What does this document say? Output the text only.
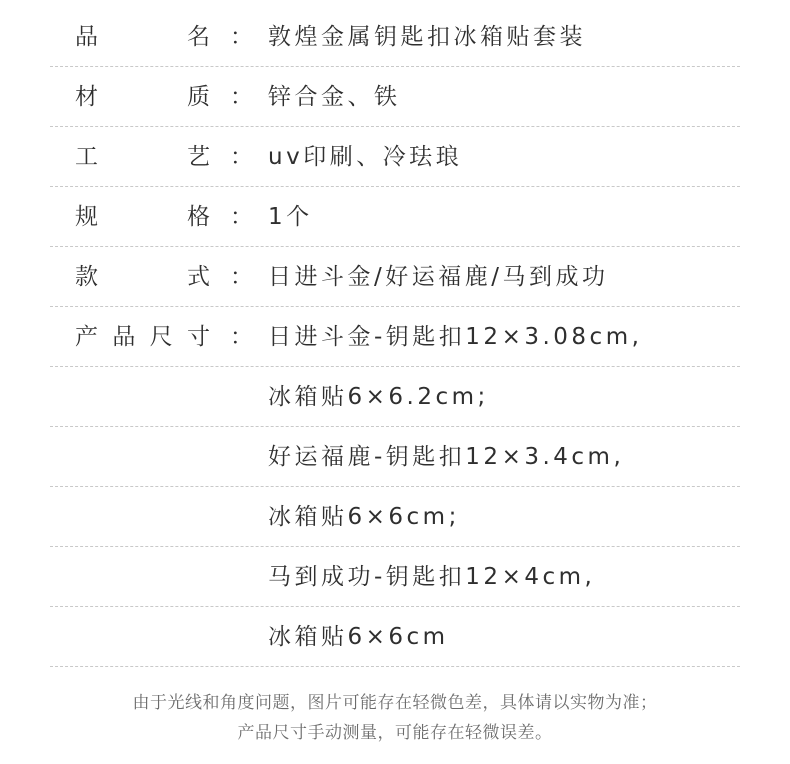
品	名 ： 敦煌金属钥匙扣冰箱贴套装
材	质 ： 锌合金、铁
工	艺 ： uv印刷、冷珐琅
规	格 ： 1个
款	式 ： 日进斗金/好运福鹿/马到成功
产 品 尺 寸 ： 日进斗金-钥匙扣12×3.08cm,
冰箱贴6×6.2cm;
好运福鹿-钥匙扣12×3.4cm,
冰箱贴6×6cm;
马到成功-钥匙扣12×4cm,
冰箱贴6×6cm
由于光线和角度问题，图片可能存在轻微色差，具体请以实物为准；
产品尺寸手动测量，可能存在轻微误差。
